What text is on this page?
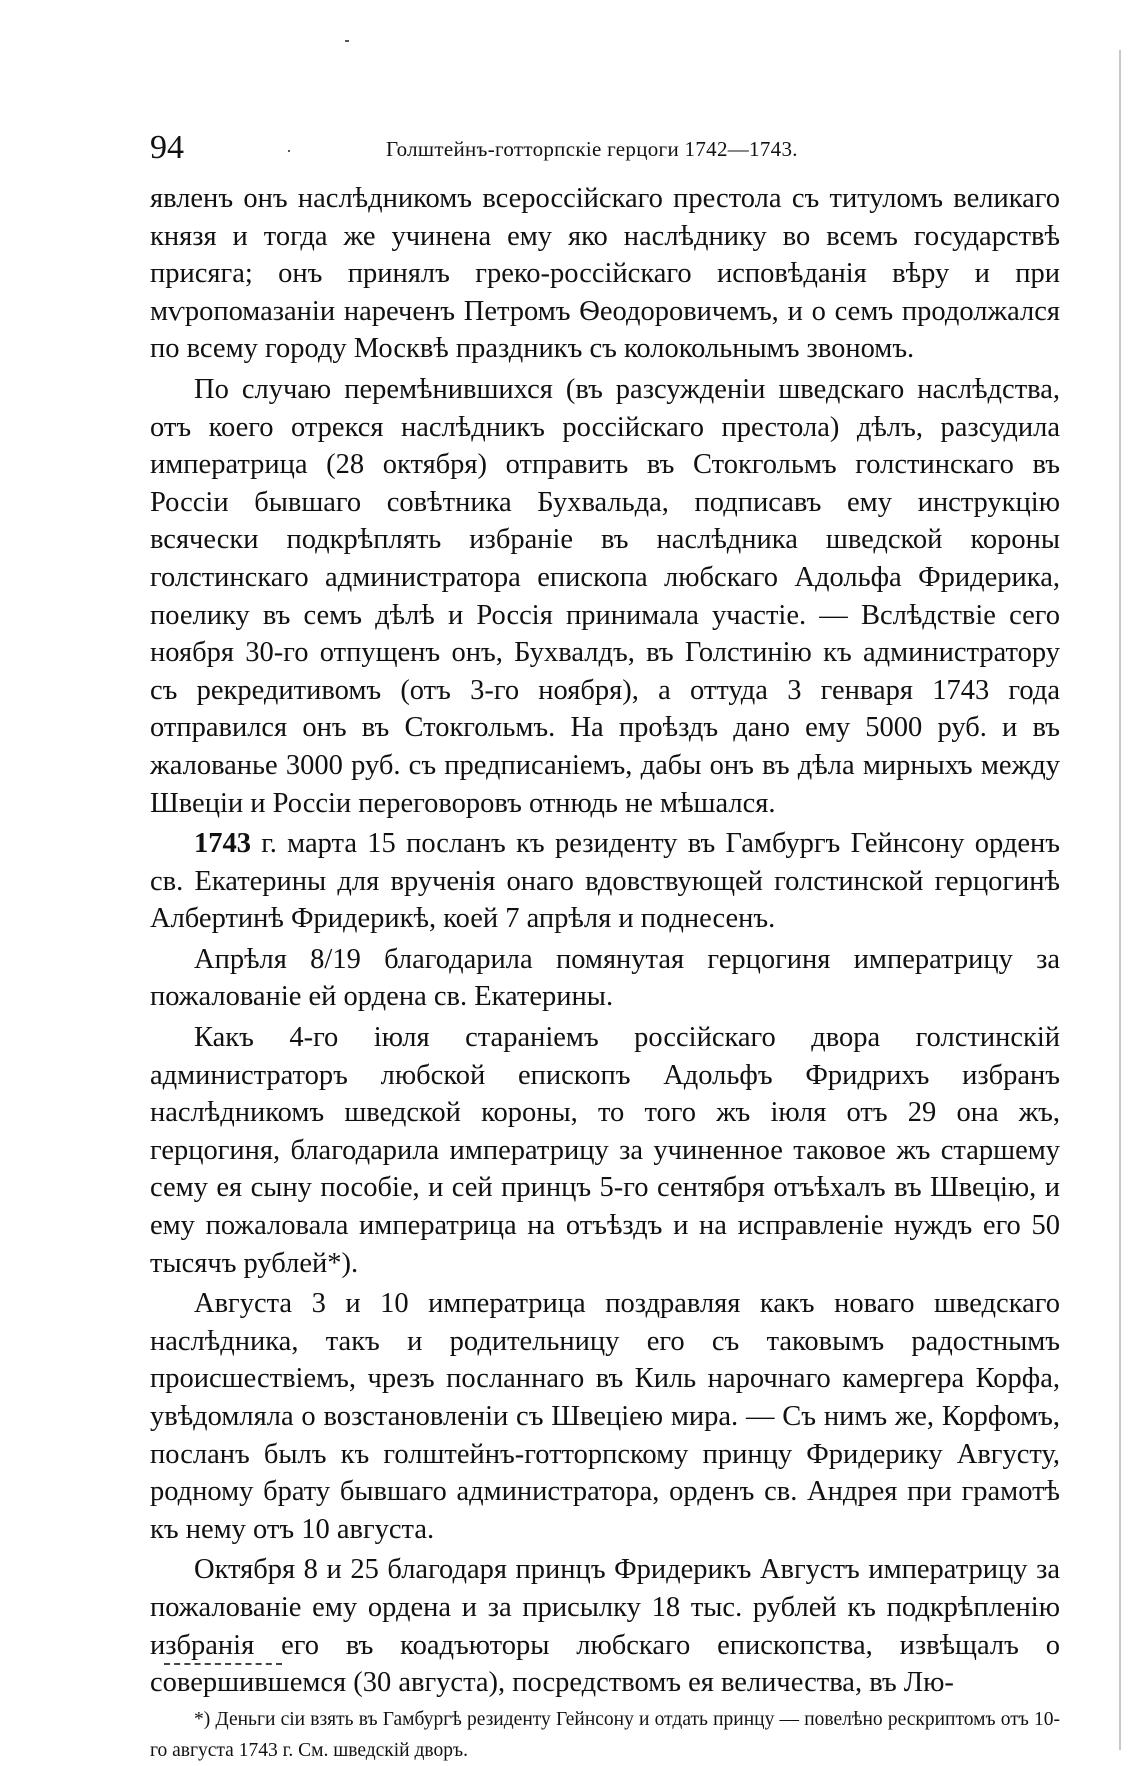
94	Голштейнъ-готторпскіе герцоги 1742—1743.

явленъ онъ наслѣдникомъ всероссійскаго престола съ титуломъ великаго князя и тогда же учинена ему яко наслѣднику во всемъ государствѣ присяга; онъ принялъ греко-россійскаго исповѣданія вѣру и при мѵропомазаніи нареченъ Петромъ Ѳеодоровичемъ, и о семъ продолжался по всему городу Москвѣ праздникъ съ колокольнымъ звономъ.

По случаю перемѣнившихся (въ разсужденіи шведскаго наслѣдства, отъ коего отрекся наслѣдникъ россійскаго престола) дѣлъ, разсудила императрица (28 октября) отправить въ Стокгольмъ голстинскаго въ Россіи бывшаго совѣтника Бухвальда, подписавъ ему инструкцію всячески подкрѣплять избраніе въ наслѣдника шведской короны голстинскаго администратора епископа любскаго Адольфа Фридерика, поелику въ семъ дѣлѣ и Россія принимала участіе. — Вслѣдствіе сего ноября 30-го отпущенъ онъ, Бухвалдъ, въ Голстинію къ администратору съ рекредитивомъ (отъ 3-го ноября), а оттуда 3 генваря 1743 года отправился онъ въ Стокгольмъ. На проѣздъ дано ему 5000 руб. и въ жалованье 3000 руб. съ предписаніемъ, дабы онъ въ дѣла мирныхъ между Швеціи и Россіи переговоровъ отнюдь не мѣшался.

1743 г. марта 15 посланъ къ резиденту въ Гамбургъ Гейнсону орденъ св. Екатерины для врученія онаго вдовствующей голстинской герцогинѣ Албертинѣ Фридерикѣ, коей 7 апрѣля и поднесенъ.

Апрѣля 8/19 благодарила помянутая герцогиня императрицу за пожалованіе ей ордена св. Екатерины.

Какъ 4-го іюля стараніемъ россійскаго двора голстинскій администраторъ любской епископъ Адольфъ Фридрихъ избранъ наслѣдникомъ шведской короны, то того жъ іюля отъ 29 она жъ, герцогиня, благодарила императрицу за учиненное таковое жъ старшему сему ея сыну пособіе, и сей принцъ 5-го сентября отъѣхалъ въ Швецію, и ему пожаловала императрица на отъѣздъ и на исправленіе нуждъ его 50 тысячъ рублей*).

Августа 3 и 10 императрица поздравляя какъ новаго шведскаго наслѣдника, такъ и родительницу его съ таковымъ радостнымъ происшествіемъ, чрезъ посланнаго въ Киль нарочнаго камергера Корфа, увѣдомляла о возстановленіи съ Швеціею мира. — Съ нимъ же, Корфомъ, посланъ былъ къ голштейнъ-готторпскому принцу Фридерику Августу, родному брату бывшаго администратора, орденъ св. Андрея при грамотѣ къ нему отъ 10 августа.

Октября 8 и 25 благодаря принцъ Фридерикъ Августъ императрицу за пожалованіе ему ордена и за присылку 18 тыс. рублей къ подкрѣпленію избранія его въ коадъюторы любскаго епископства, извѣщалъ о совершившемся (30 августа), посредствомъ ея величества, въ Лю-

*) Деньги сіи взять въ Гамбургѣ резиденту Гейнсону и отдать принцу — повелѣно рескриптомъ отъ 10-го августа 1743 г. См. шведскій дворъ.
